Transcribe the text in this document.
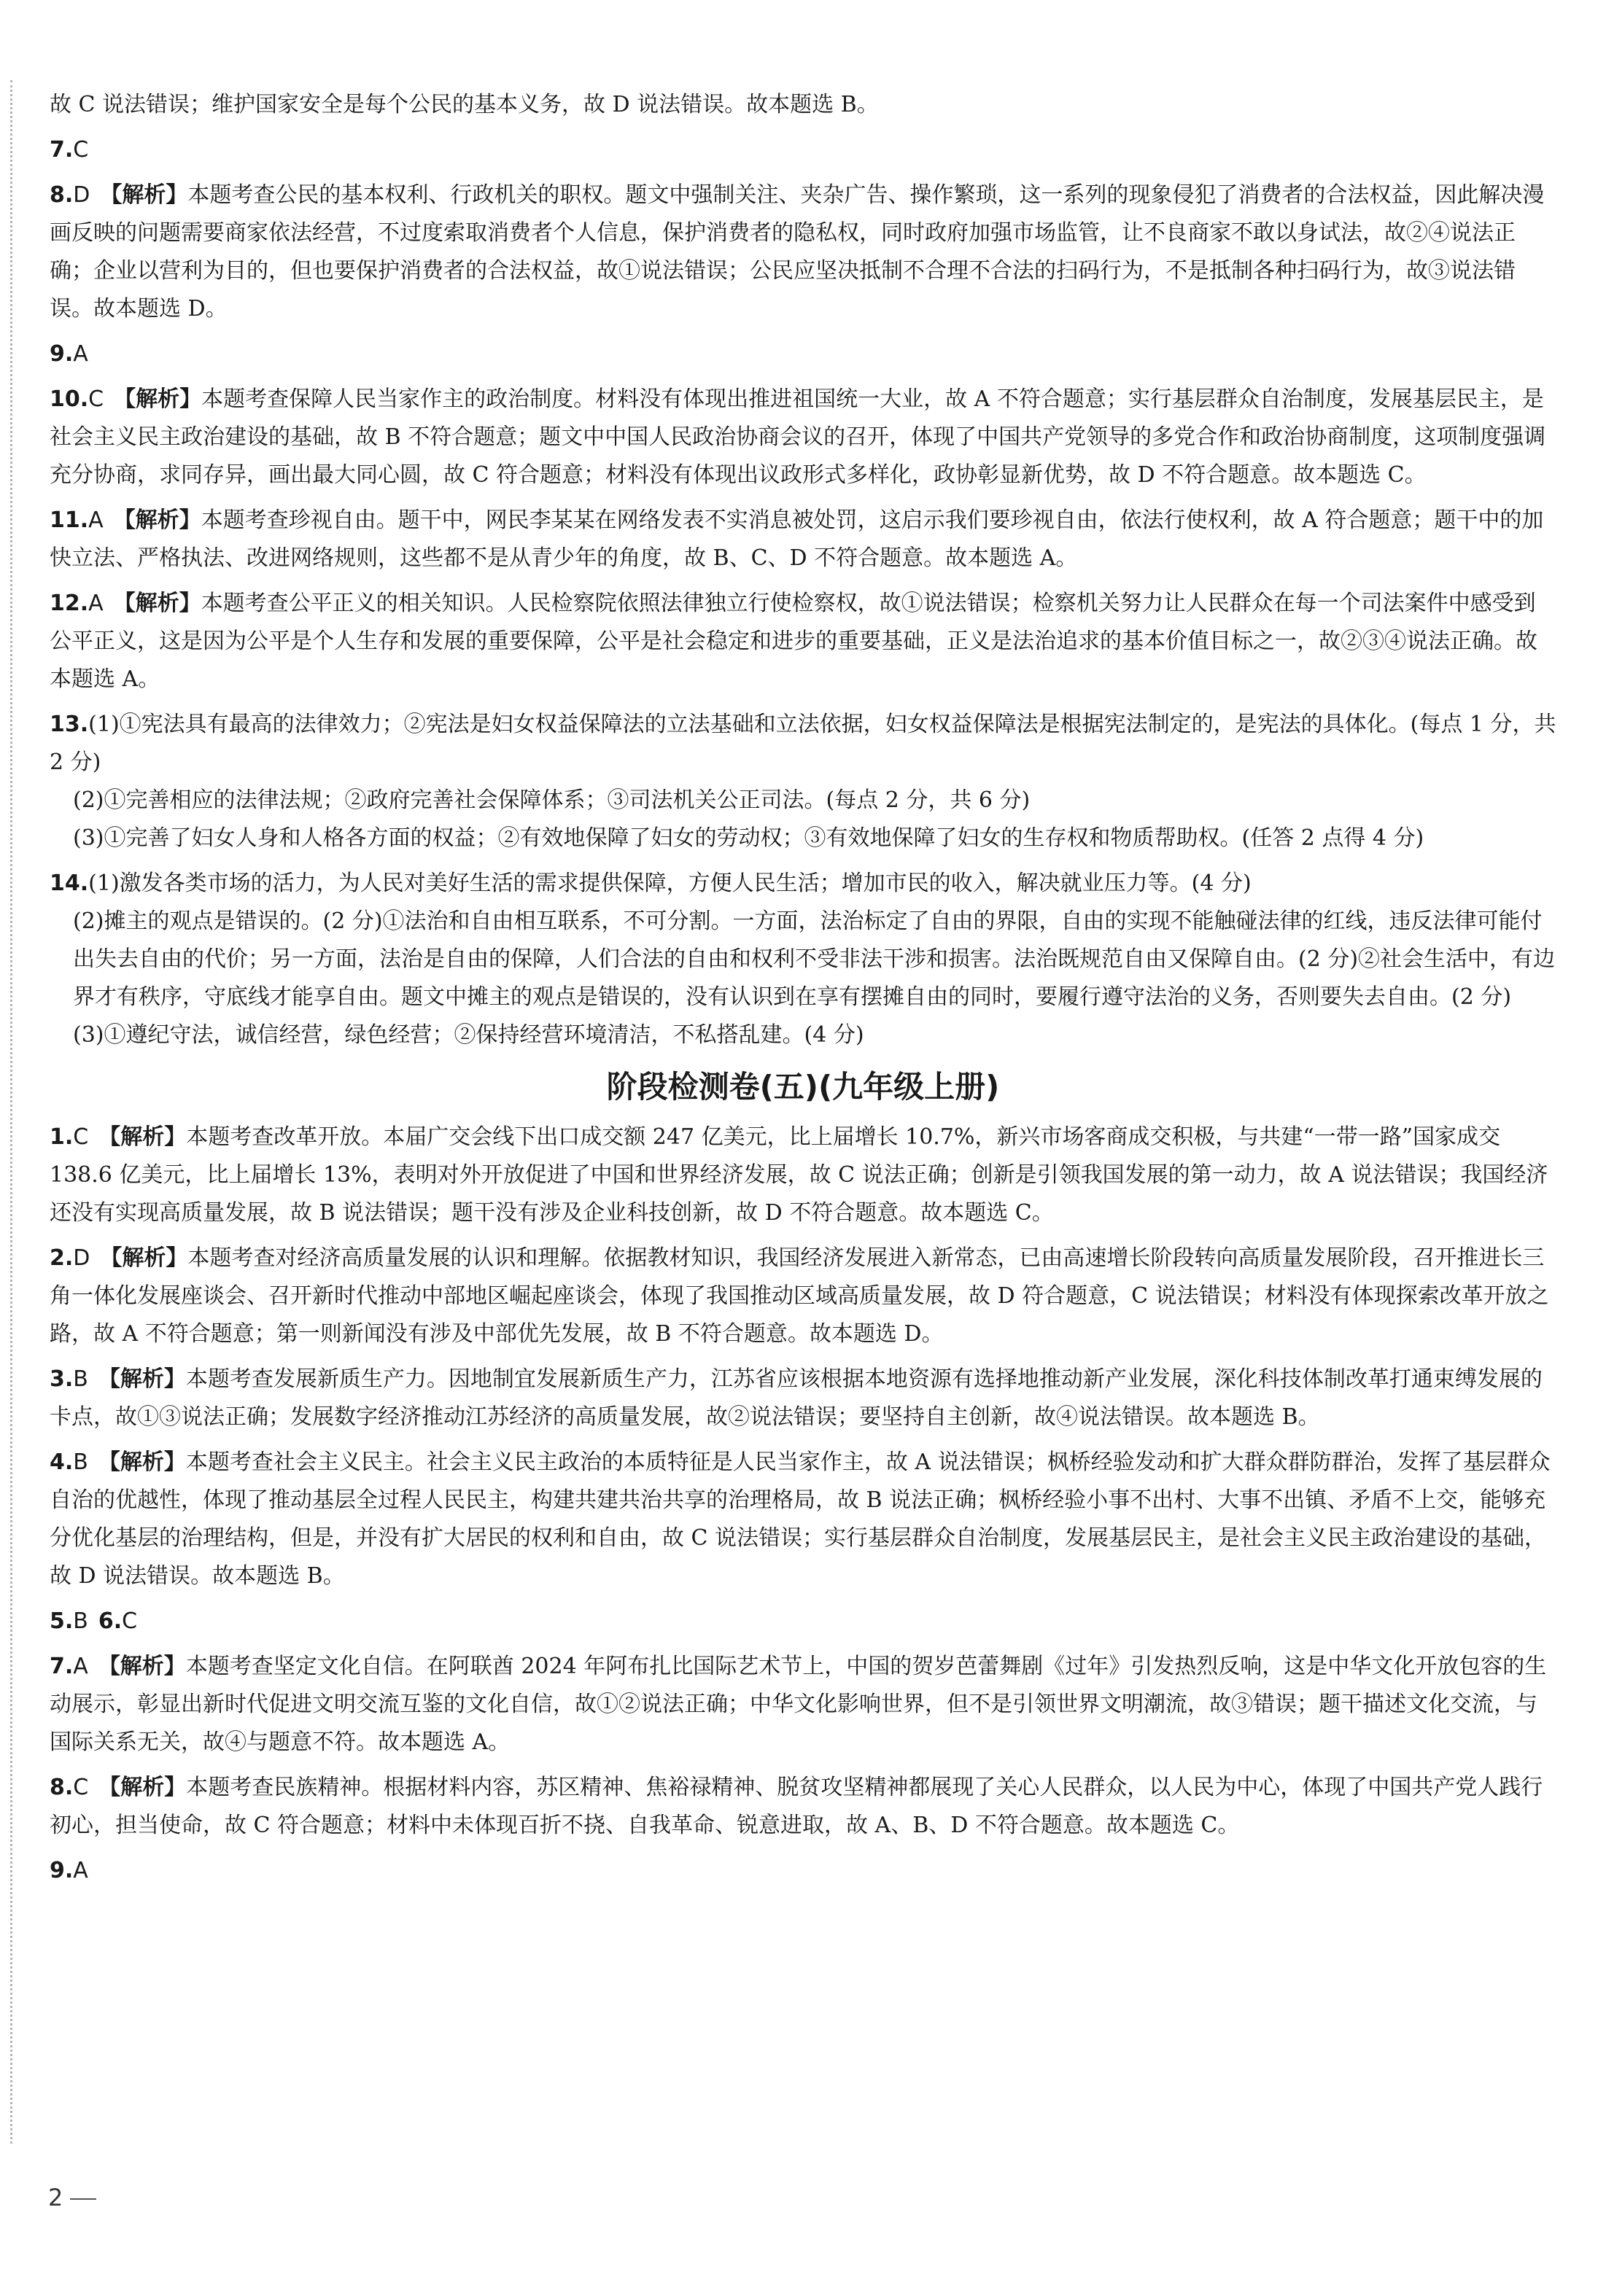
故 C 说法错误；维护国家安全是每个公民的基本义务，故 D 说法错误。故本题选 B。

7.C

8.D 【解析】本题考查公民的基本权利、行政机关的职权。题文中强制关注、夹杂广告、操作繁琐，这一系列的现象侵犯了消费者的合法权益，因此解决漫画反映的问题需要商家依法经营，不过度索取消费者个人信息，保护消费者的隐私权，同时政府加强市场监管，让不良商家不敢以身试法，故②④说法正确；企业以营利为目的，但也要保护消费者的合法权益，故①说法错误；公民应坚决抵制不合理不合法的扫码行为，不是抵制各种扫码行为，故③说法错误。故本题选 D。

9.A

10.C 【解析】本题考查保障人民当家作主的政治制度。材料没有体现出推进祖国统一大业，故 A 不符合题意；实行基层群众自治制度，发展基层民主，是社会主义民主政治建设的基础，故 B 不符合题意；题文中中国人民政治协商会议的召开，体现了中国共产党领导的多党合作和政治协商制度，这项制度强调充分协商，求同存异，画出最大同心圆，故 C 符合题意；材料没有体现出议政形式多样化，政协彰显新优势，故 D 不符合题意。故本题选 C。

11.A 【解析】本题考查珍视自由。题干中，网民李某某在网络发表不实消息被处罚，这启示我们要珍视自由，依法行使权利，故 A 符合题意；题干中的加快立法、严格执法、改进网络规则，这些都不是从青少年的角度，故 B、C、D 不符合题意。故本题选 A。

12.A 【解析】本题考查公平正义的相关知识。人民检察院依照法律独立行使检察权，故①说法错误；检察机关努力让人民群众在每一个司法案件中感受到公平正义，这是因为公平是个人生存和发展的重要保障，公平是社会稳定和进步的重要基础，正义是法治追求的基本价值目标之一，故②③④说法正确。故本题选 A。

13.(1)①宪法具有最高的法律效力；②宪法是妇女权益保障法的立法基础和立法依据，妇女权益保障法是根据宪法制定的，是宪法的具体化。(每点 1 分，共 2 分)
(2)①完善相应的法律法规；②政府完善社会保障体系；③司法机关公正司法。(每点 2 分，共 6 分)
(3)①完善了妇女人身和人格各方面的权益；②有效地保障了妇女的劳动权；③有效地保障了妇女的生存权和物质帮助权。(任答 2 点得 4 分)
14.(1)激发各类市场的活力，为人民对美好生活的需求提供保障，方便人民生活；增加市民的收入，解决就业压力等。(4 分)
(2)摊主的观点是错误的。(2 分)①法治和自由相互联系，不可分割。一方面，法治标定了自由的界限，自由的实现不能触碰法律的红线，违反法律可能付出失去自由的代价；另一方面，法治是自由的保障，人们合法的自由和权利不受非法干涉和损害。法治既规范自由又保障自由。(2 分)②社会生活中，有边界才有秩序，守底线才能享自由。题文中摊主的观点是错误的，没有认识到在享有摆摊自由的同时，要履行遵守法治的义务，否则要失去自由。(2 分)
(3)①遵纪守法，诚信经营，绿色经营；②保持经营环境清洁，不私搭乱建。(4 分)
阶段检测卷(五)(九年级上册)

1.C 【解析】本题考查改革开放。本届广交会线下出口成交额 247 亿美元，比上届增长 10.7%，新兴市场客商成交积极，与共建“一带一路”国家成交 138.6 亿美元，比上届增长 13%，表明对外开放促进了中国和世界经济发展，故 C 说法正确；创新是引领我国发展的第一动力，故 A 说法错误；我国经济还没有实现高质量发展，故 B 说法错误；题干没有涉及企业科技创新，故 D 不符合题意。故本题选 C。

2.D 【解析】本题考查对经济高质量发展的认识和理解。依据教材知识，我国经济发展进入新常态，已由高速增长阶段转向高质量发展阶段，召开推进长三角一体化发展座谈会、召开新时代推动中部地区崛起座谈会，体现了我国推动区域高质量发展，故 D 符合题意，C 说法错误；材料没有体现探索改革开放之路，故 A 不符合题意；第一则新闻没有涉及中部优先发展，故 B 不符合题意。故本题选 D。

3.B 【解析】本题考查发展新质生产力。因地制宜发展新质生产力，江苏省应该根据本地资源有选择地推动新产业发展，深化科技体制改革打通束缚发展的卡点，故①③说法正确；发展数字经济推动江苏经济的高质量发展，故②说法错误；要坚持自主创新，故④说法错误。故本题选 B。

4.B 【解析】本题考查社会主义民主。社会主义民主政治的本质特征是人民当家作主，故 A 说法错误；枫桥经验发动和扩大群众群防群治，发挥了基层群众自治的优越性，体现了推动基层全过程人民民主，构建共建共治共享的治理格局，故 B 说法正确；枫桥经验小事不出村、大事不出镇、矛盾不上交，能够充分优化基层的治理结构，但是，并没有扩大居民的权利和自由，故 C 说法错误；实行基层群众自治制度，发展基层民主，是社会主义民主政治建设的基础，故 D 说法错误。故本题选 B。

5.B 6.C

7.A 【解析】本题考查坚定文化自信。在阿联酋 2024 年阿布扎比国际艺术节上，中国的贺岁芭蕾舞剧《过年》引发热烈反响，这是中华文化开放包容的生动展示，彰显出新时代促进文明交流互鉴的文化自信，故①②说法正确；中华文化影响世界，但不是引领世界文明潮流，故③错误；题干描述文化交流，与国际关系无关，故④与题意不符。故本题选 A。

8.C 【解析】本题考查民族精神。根据材料内容，苏区精神、焦裕禄精神、脱贫攻坚精神都展现了关心人民群众，以人民为中心，体现了中国共产党人践行初心，担当使命，故 C 符合题意；材料中未体现百折不挠、自我革命、锐意进取，故 A、B、D 不符合题意。故本题选 C。

9.A

2
